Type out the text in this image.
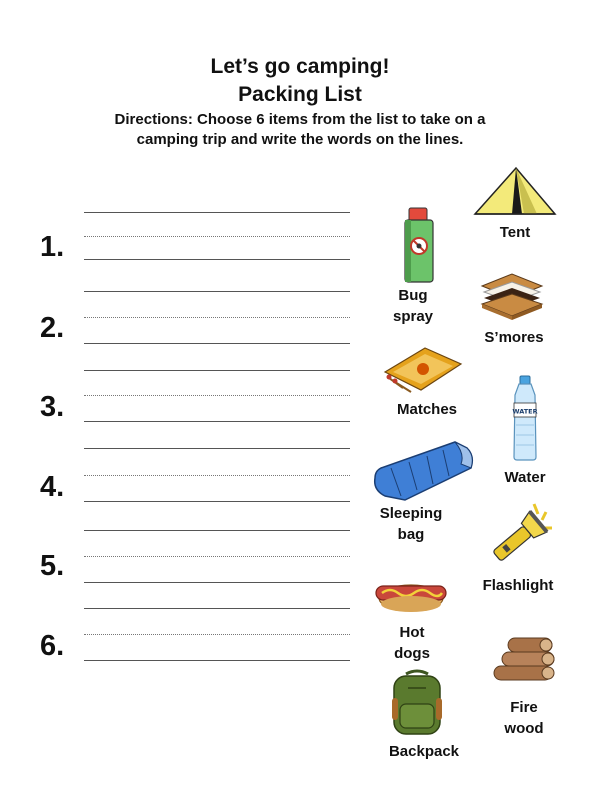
Let’s go camping!
Packing List
Directions: Choose 6 items from the list to take on a
camping trip and write the words on the lines.
1.
2.
3.
4.
5.
6.
Tent
Bug
spray
S’mores
Matches	WATER
Water
Sleeping
bag
Flashlight
Hot
dogs
Fire
wood
Backpack
